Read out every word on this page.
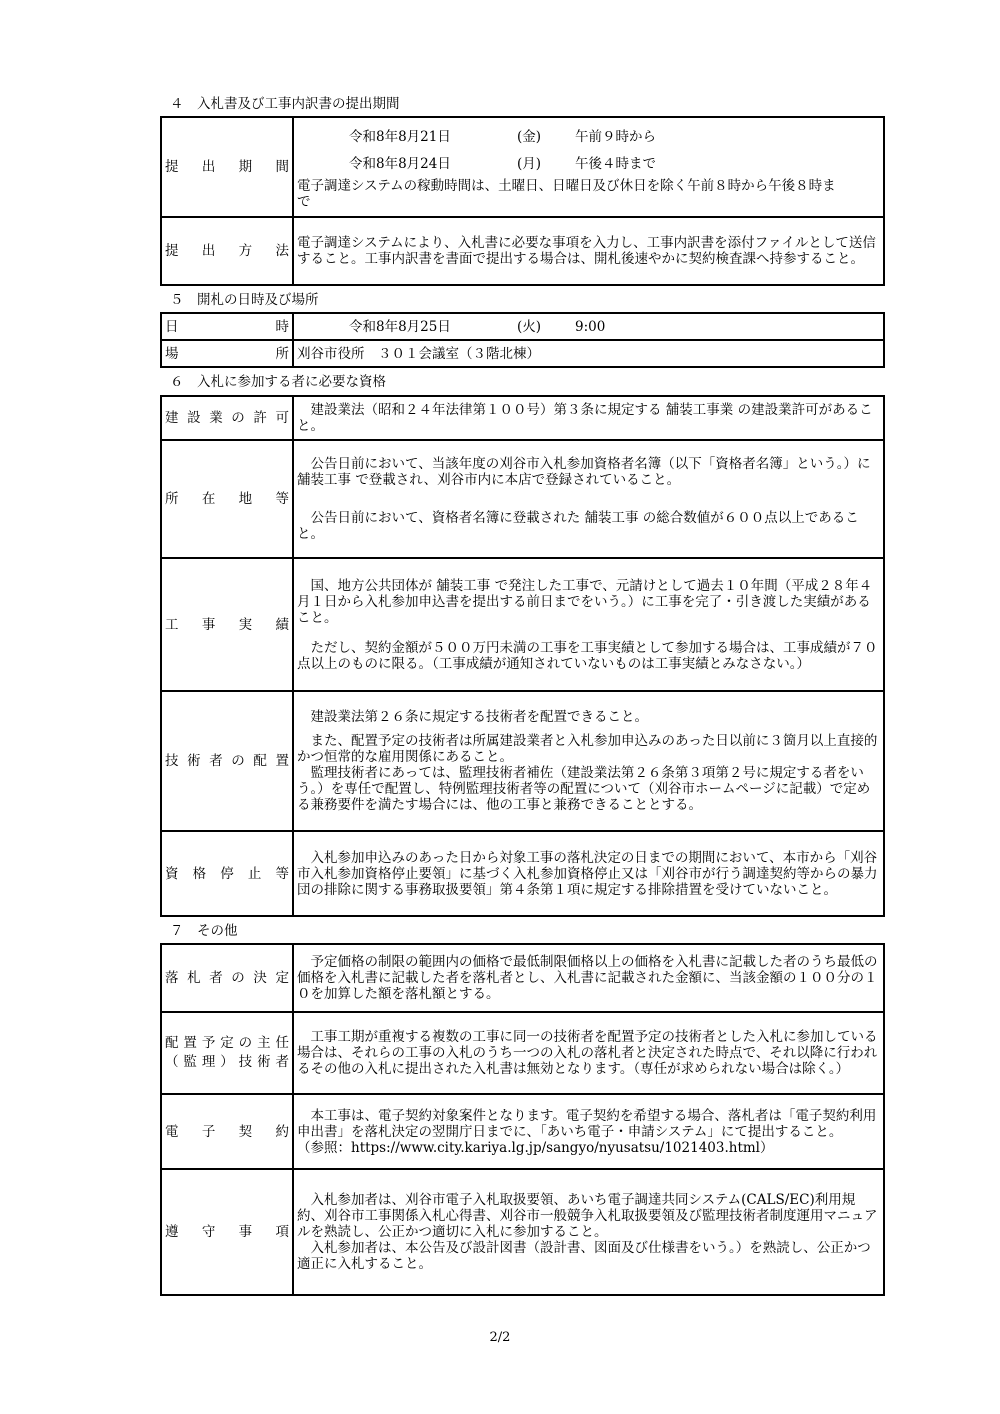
４　入札書及び工事内訳書の提出期間
提出期間	令和8年8月21日 (金) 午前９時から
令和8年8月24日 (月) 午後４時まで

電子調達システムの稼動時間は、土曜日、日曜日及び休日を除く午前８時から午後８時まで

提出方法	電子調達システムにより、入札書に必要な事項を入力し、工事内訳書を添付ファイルとして送信すること。工事内訳書を書面で提出する場合は、開札後速やかに契約検査課へ持参すること。
５　開札の日時及び場所
日時	令和8年8月25日 (火) 9:00
場所	刈谷市役所　３０１会議室（３階北棟）
６　入札に参加する者に必要な資格
建設業の許可	建設業法（昭和２４年法律第１００号）第３条に規定する 舗装工事業 の建設業許可があること。
所在地等	公告日前において、当該年度の刈谷市入札参加資格者名簿（以下「資格者名簿」という。）に 舗装工事 で登載され、刈谷市内に本店で登録されていること。

公告日前において、資格者名簿に登載された 舗装工事 の総合数値が６００点以上であること。

工事実績	国、地方公共団体が 舗装工事 で発注した工事で、元請けとして過去１０年間（平成２８年４月１日から入札参加申込書を提出する前日までをいう。）に工事を完了・引き渡した実績があること。

ただし、契約金額が５００万円未満の工事を工事実績として参加する場合は、工事成績が７０点以上のものに限る。（工事成績が通知されていないものは工事実績とみなさない。）

技術者の配置	建設業法第２６条に規定する技術者を配置できること。

また、配置予定の技術者は所属建設業者と入札参加申込みのあった日以前に３箇月以上直接的かつ恒常的な雇用関係にあること。

監理技術者にあっては、監理技術者補佐（建設業法第２６条第３項第２号に規定する者をいう。）を専任で配置し、特例監理技術者等の配置について（刈谷市ホームページに記載）で定める兼務要件を満たす場合には、他の工事と兼務できることとする。

資格停止等	入札参加申込みのあった日から対象工事の落札決定の日までの期間において、本市から「刈谷市入札参加資格停止要領」に基づく入札参加資格停止又は「刈谷市が行う調達契約等からの暴力団の排除に関する事務取扱要領」第４条第１項に規定する排除措置を受けていないこと。
７　その他
落札者の決定	予定価格の制限の範囲内の価格で最低制限価格以上の価格を入札書に記載した者のうち最低の価格を入札書に記載した者を落札者とし、入札書に記載された金額に、当該金額の１００分の１０を加算した額を落札額とする。

配置予定の主任
（監理）技術者	工事工期が重複する複数の工事に同一の技術者を配置予定の技術者とした入札に参加している場合は、それらの工事の入札のうち一つの入札の落札者と決定された時点で、それ以降に行われるその他の入札に提出された入札書は無効となります。（専任が求められない場合は除く。）
電子契約	本工事は、電子契約対象案件となります。電子契約を希望する場合、落札者は「電子契約利用申出書」を落札決定の翌開庁日までに、「あいち電子・申請システム」にて提出すること。

（参照：https://www.city.kariya.lg.jp/sangyo/nyusatsu/1021403.html）

遵守事項	入札参加者は、刈谷市電子入札取扱要領、あいち電子調達共同システム(CALS/EC)利用規約、刈谷市工事関係入札心得書、刈谷市一般競争入札取扱要領及び監理技術者制度運用マニュアルを熟読し、公正かつ適切に入札に参加すること。

入札参加者は、本公告及び設計図書（設計書、図面及び仕様書をいう。）を熟読し、公正かつ適正に入札すること。

2/2
